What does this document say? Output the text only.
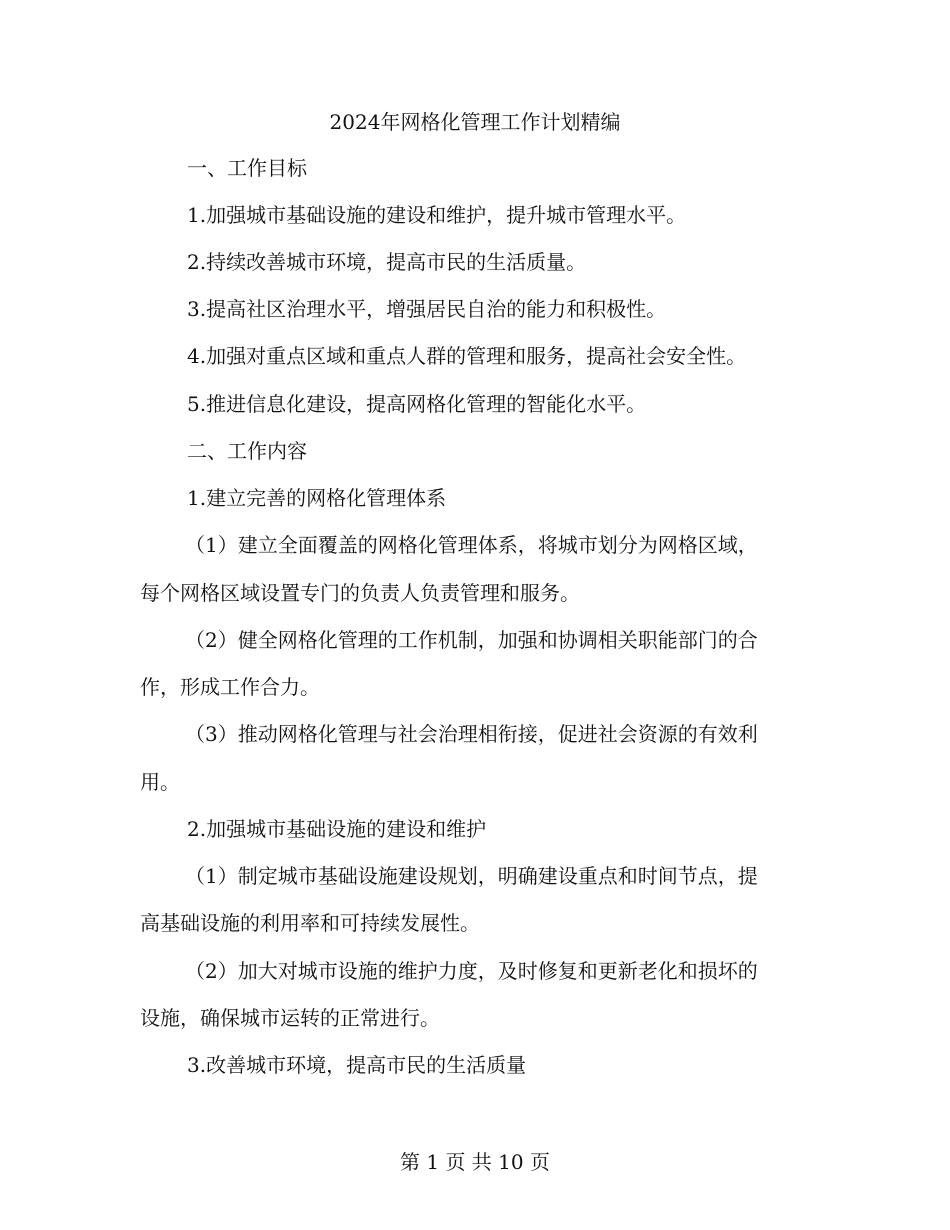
2024年网格化管理工作计划精编

一、工作目标

1.加强城市基础设施的建设和维护，提升城市管理水平。

2.持续改善城市环境，提高市民的生活质量。

3.提高社区治理水平，增强居民自治的能力和积极性。

4.加强对重点区域和重点人群的管理和服务，提高社会安全性。

5.推进信息化建设，提高网格化管理的智能化水平。

二、工作内容

1.建立完善的网格化管理体系

（1）建立全面覆盖的网格化管理体系，将城市划分为网格区域，

每个网格区域设置专门的负责人负责管理和服务。

（2）健全网格化管理的工作机制，加强和协调相关职能部门的合

作，形成工作合力。

（3）推动网格化管理与社会治理相衔接，促进社会资源的有效利

用。

2.加强城市基础设施的建设和维护

（1）制定城市基础设施建设规划，明确建设重点和时间节点，提

高基础设施的利用率和可持续发展性。

（2）加大对城市设施的维护力度，及时修复和更新老化和损坏的

设施，确保城市运转的正常进行。

3.改善城市环境，提高市民的生活质量

第 1 页 共 10 页
